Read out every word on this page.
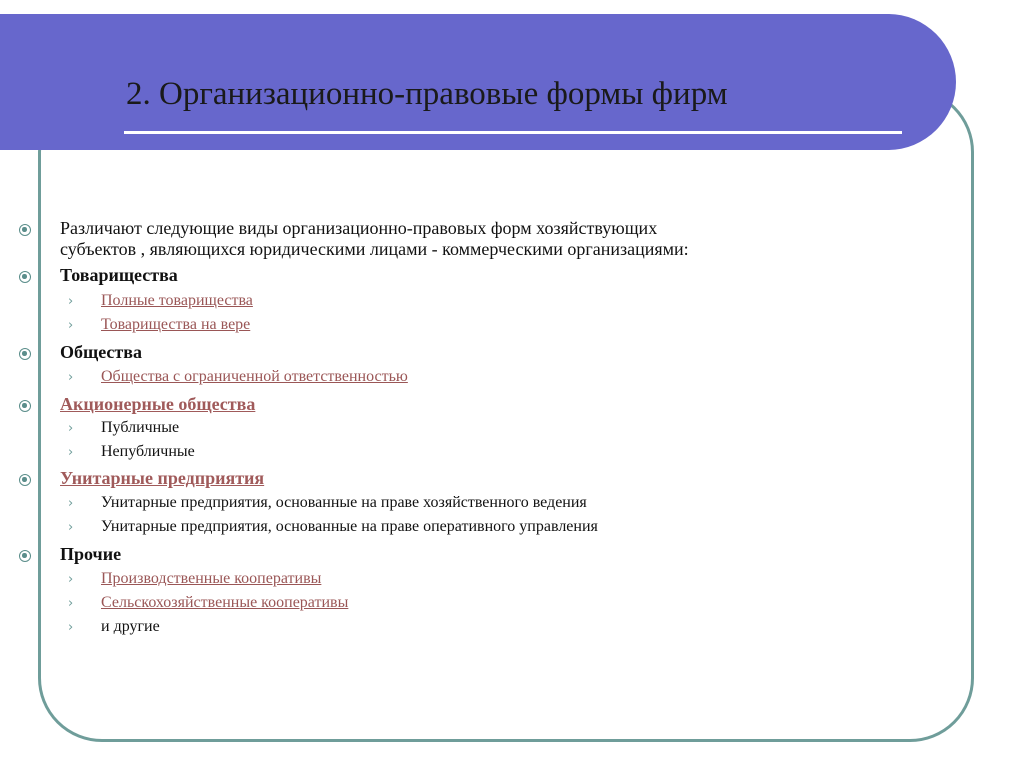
2. Организационно-правовые формы фирм
Различают следующие виды организационно-правовых форм хозяйствующих
субъектов , являющихся юридическими лицами - коммерческими организациями:
Товарищества
› Полные товарищества
› Товарищества на вере
Общества
› Общества с ограниченной ответственностью
Акционерные общества
› Публичные
› Непубличные
Унитарные предприятия
› Унитарные предприятия, основанные на праве хозяйственного ведения
› Унитарные предприятия, основанные на праве оперативного управления
Прочие
› Производственные кооперативы
› Сельскохозяйственные кооперативы
› и другие
